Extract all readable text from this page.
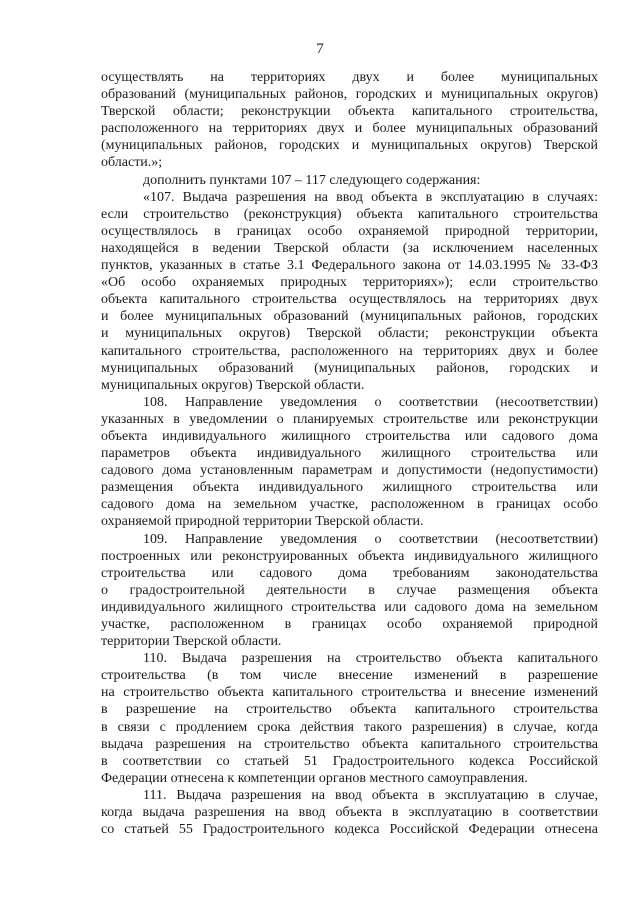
7
осуществлять на территориях двух и более муниципальных
образований (муниципальных районов, городских и муниципальных округов)
Тверской области; реконструкции объекта капитального строительства,
расположенного на территориях двух и более муниципальных образований
(муниципальных районов, городских и муниципальных округов) Тверской
области.»;
дополнить пунктами 107 – 117 следующего содержания:
«107. Выдача разрешения на ввод объекта в эксплуатацию в случаях:
если строительство (реконструкция) объекта капитального строительства
осуществлялось в границах особо охраняемой природной территории,
находящейся в ведении Тверской области (за исключением населенных
пунктов, указанных в статье 3.1 Федерального закона от 14.03.1995 № 33-ФЗ
«Об особо охраняемых природных территориях»); если строительство
объекта капитального строительства осуществлялось на территориях двух
и более муниципальных образований (муниципальных районов, городских
и муниципальных округов) Тверской области; реконструкции объекта
капитального строительства, расположенного на территориях двух и более
муниципальных образований (муниципальных районов, городских и
муниципальных округов) Тверской области.
108. Направление уведомления о соответствии (несоответствии)
указанных в уведомлении о планируемых строительстве или реконструкции
объекта индивидуального жилищного строительства или садового дома
параметров объекта индивидуального жилищного строительства или
садового дома установленным параметрам и допустимости (недопустимости)
размещения объекта индивидуального жилищного строительства или
садового дома на земельном участке, расположенном в границах особо
охраняемой природной территории Тверской области.
109. Направление уведомления о соответствии (несоответствии)
построенных или реконструированных объекта индивидуального жилищного
строительства или садового дома требованиям законодательства
о градостроительной деятельности в случае размещения объекта
индивидуального жилищного строительства или садового дома на земельном
участке, расположенном в границах особо охраняемой природной
территории Тверской области.
110. Выдача разрешения на строительство объекта капитального
строительства (в том числе внесение изменений в разрешение
на строительство объекта капитального строительства и внесение изменений
в разрешение на строительство объекта капитального строительства
в связи с продлением срока действия такого разрешения) в случае, когда
выдача разрешения на строительство объекта капитального строительства
в соответствии со статьей 51 Градостроительного кодекса Российской
Федерации отнесена к компетенции органов местного самоуправления.
111. Выдача разрешения на ввод объекта в эксплуатацию в случае,
когда выдача разрешения на ввод объекта в эксплуатацию в соответствии
со статьей 55 Градостроительного кодекса Российской Федерации отнесена
